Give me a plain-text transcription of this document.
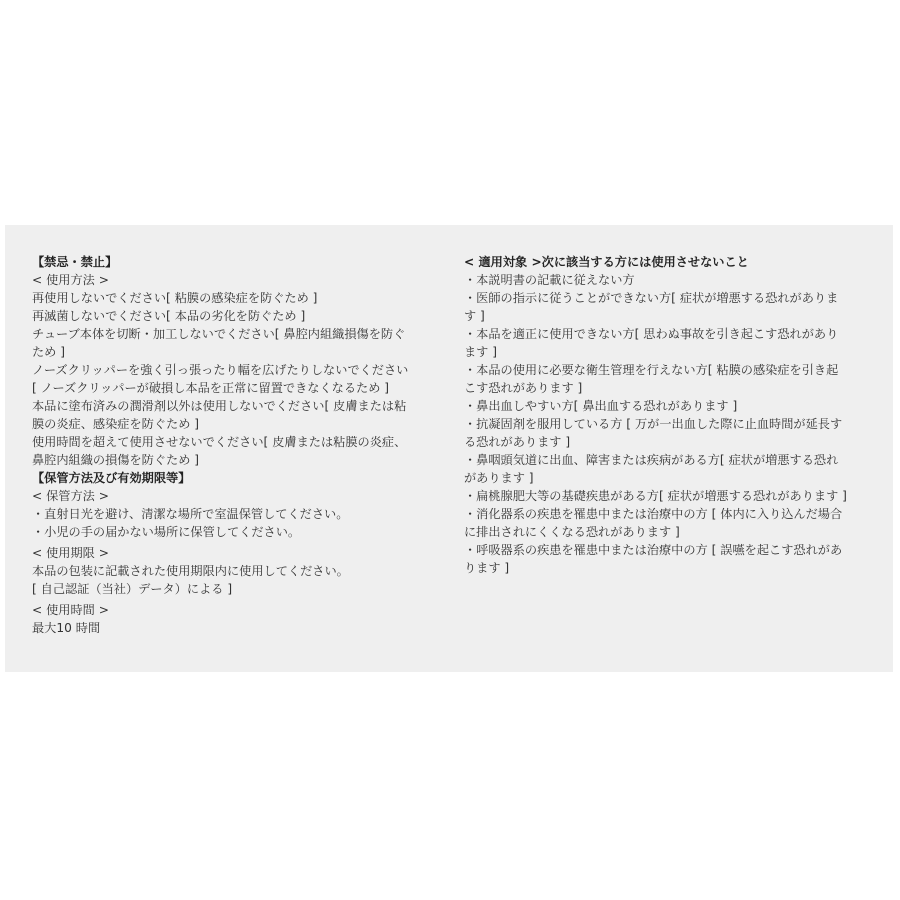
【禁忌・禁止】
< 使用方法 >
再使用しないでください[ 粘膜の感染症を防ぐため ]
再滅菌しないでください[ 本品の劣化を防ぐため ]
チューブ本体を切断・加工しないでください[ 鼻腔内組織損傷を防ぐ
ため ]
ノーズクリッパーを強く引っ張ったり幅を広げたりしないでください
[ ノーズクリッパーが破損し本品を正常に留置できなくなるため ]
本品に塗布済みの潤滑剤以外は使用しないでください[ 皮膚または粘
膜の炎症、感染症を防ぐため ]
使用時間を超えて使用させないでください[ 皮膚または粘膜の炎症、
鼻腔内組織の損傷を防ぐため ]
【保管方法及び有効期限等】
< 保管方法 >
・直射日光を避け、清潔な場所で室温保管してください。
・小児の手の届かない場所に保管してください。
< 使用期限 >
本品の包装に記載された使用期限内に使用してください。
[ 自己認証（当社）データ）による ]
< 使用時間 >
最大10 時間
< 適用対象 >次に該当する方には使用させないこと
・本説明書の記載に従えない方
・医師の指示に従うことができない方[ 症状が増悪する恐れがありま
す ]
・本品を適正に使用できない方[ 思わぬ事故を引き起こす恐れがあり
ます ]
・本品の使用に必要な衛生管理を行えない方[ 粘膜の感染症を引き起
こす恐れがあります ]
・鼻出血しやすい方[ 鼻出血する恐れがあります ]
・抗凝固剤を服用している方 [ 万が一出血した際に止血時間が延長す
る恐れがあります ]
・鼻咽頭気道に出血、障害または疾病がある方[ 症状が増悪する恐れ
があります ]
・扁桃腺肥大等の基礎疾患がある方[ 症状が増悪する恐れがあります ]
・消化器系の疾患を罹患中または治療中の方 [ 体内に入り込んだ場合
に排出されにくくなる恐れがあります ]
・呼吸器系の疾患を罹患中または治療中の方 [ 誤嚥を起こす恐れがあ
ります ]
